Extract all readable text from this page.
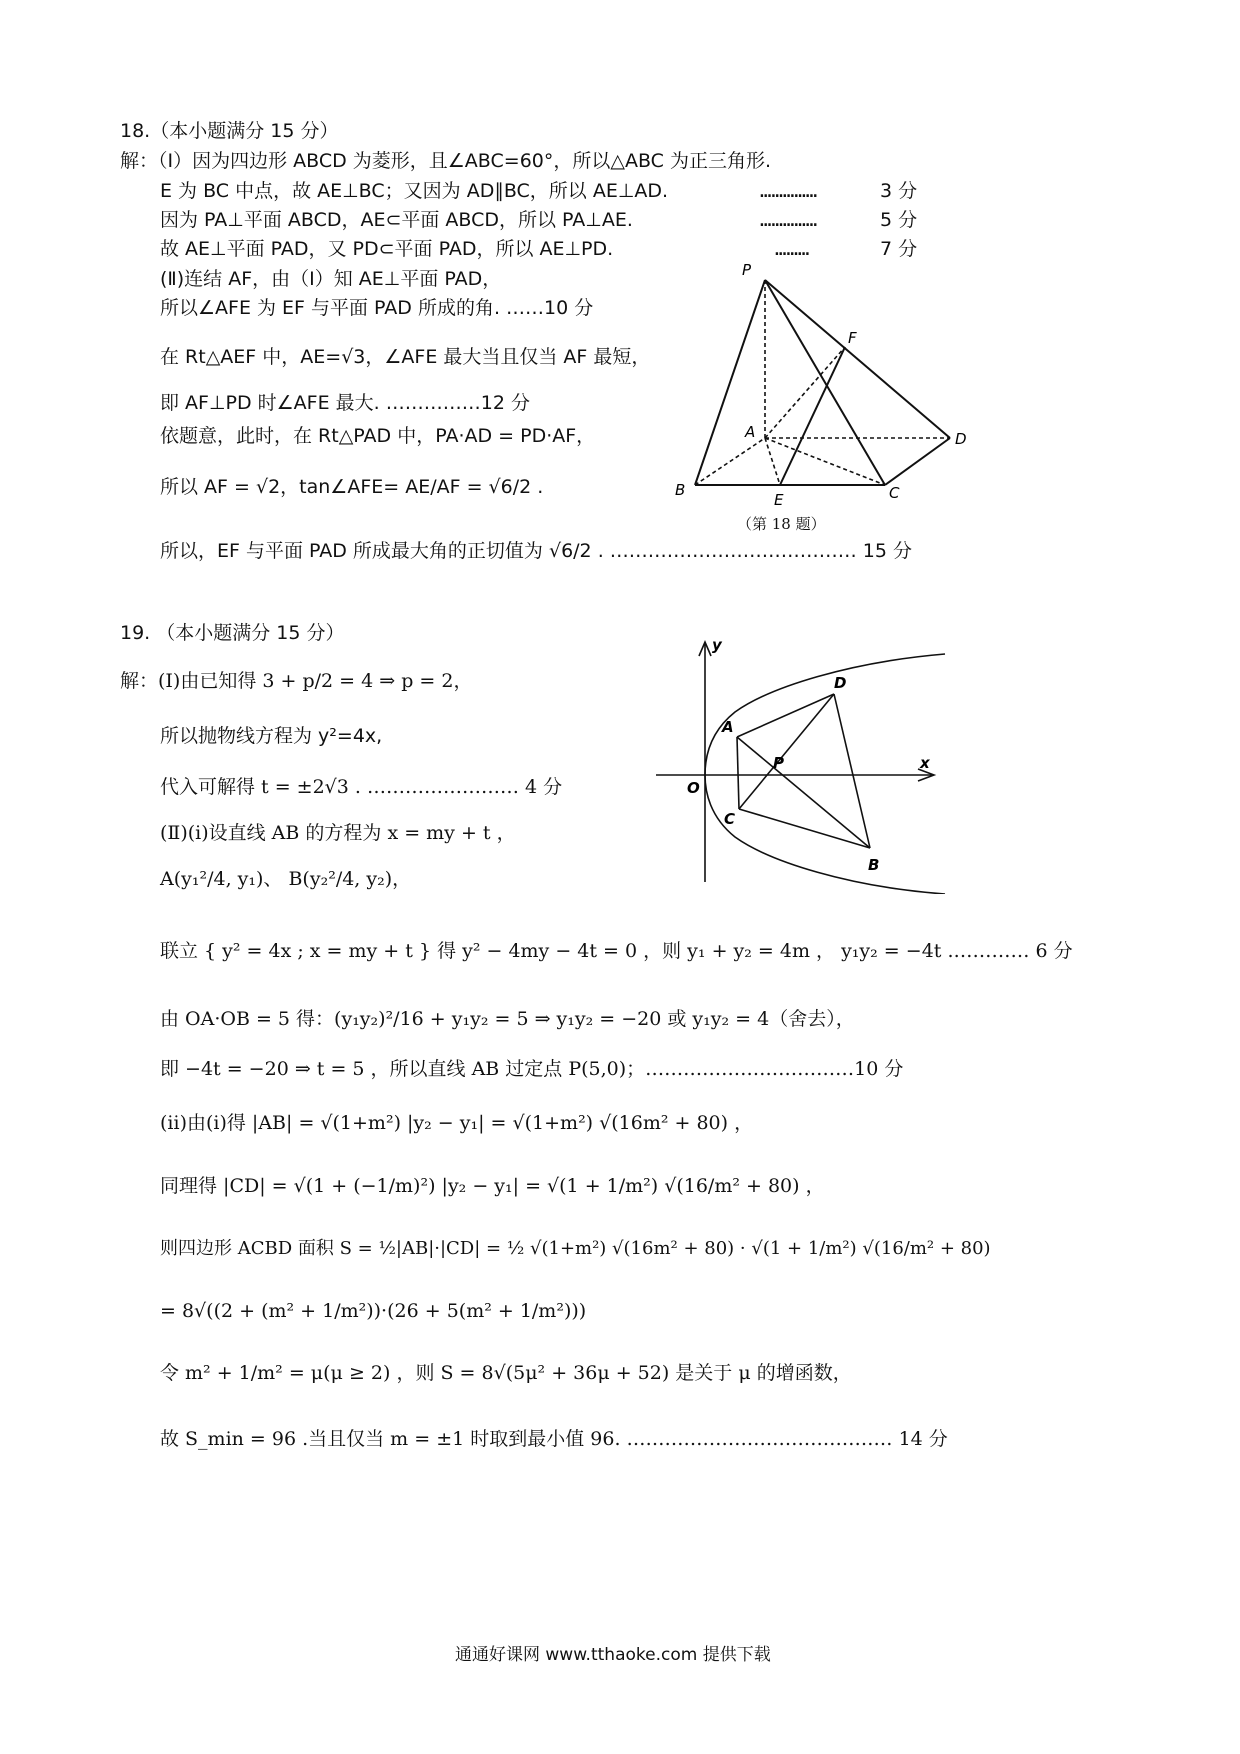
18.（本小题满分 15 分）
解：（Ⅰ）因为四边形 ABCD 为菱形，且∠ABC=60°，所以△ABC 为正三角形.
E 为 BC 中点，故 AE⊥BC；又因为 AD∥BC，所以 AE⊥AD.
因为 PA⊥平面 ABCD，AE⊂平面 ABCD，所以 PA⊥AE.
故 AE⊥平面 PAD，又 PD⊂平面 PAD，所以 AE⊥PD.
……………	3 分
……………	5 分
………	7 分
(Ⅱ)连结 AF，由（Ⅰ）知 AE⊥平面 PAD，
所以∠AFE 为 EF 与平面 PAD 所成的角. ……10 分
在 Rt△AEF 中，AE=√3，∠AFE 最大当且仅当 AF 最短，
即 AF⊥PD 时∠AFE 最大. ……………12 分
依题意，此时，在 Rt△PAD 中，PA·AD = PD·AF，
所以 AF = √2，tan∠AFE= AE/AF = √6/2 .
所以，EF 与平面 PAD 所成最大角的正切值为 √6/2 . ………………………………… 15 分
P
F
A	D
B
E	C
（第 18 题）
19. （本小题满分 15 分）
解：(Ⅰ)由已知得 3 + p/2 = 4 ⇒ p = 2，
所以抛物线方程为 y²=4x,
代入可解得 t = ±2√3 . …………………… 4 分
(Ⅱ)(ⅰ)设直线 AB 的方程为 x = my + t ，
A(y₁²/4, y₁)、 B(y₂²/4, y₂)，
联立 { y² = 4x ; x = my + t } 得 y² − 4my − 4t = 0 ，则 y₁ + y₂ = 4m ， y₁y₂ = −4t .………… 6 分
由 OA·OB = 5 得：(y₁y₂)²/16 + y₁y₂ = 5 ⇒ y₁y₂ = −20 或 y₁y₂ = 4（舍去），
即 −4t = −20 ⇒ t = 5 ，所以直线 AB 过定点 P(5,0)；……………………………10 分
(ⅱ)由(ⅰ)得 |AB| = √(1+m²) |y₂ − y₁| = √(1+m²) √(16m² + 80) ，
同理得 |CD| = √(1 + (−1/m)²) |y₂ − y₁| = √(1 + 1/m²) √(16/m² + 80) ，
则四边形 ACBD 面积 S = ½|AB|·|CD| = ½ √(1+m²) √(16m² + 80) · √(1 + 1/m²) √(16/m² + 80)
= 8√((2 + (m² + 1/m²))·(26 + 5(m² + 1/m²)))
令 m² + 1/m² = μ(μ ≥ 2) ，则 S = 8√(5μ² + 36μ + 52) 是关于 μ 的增函数，
故 S_min = 96 .当且仅当 m = ±1 时取到最小值 96. …………………………………… 14 分
y
x
O
A
D
P
C
B
通通好课网 www.tthaoke.com 提供下载
